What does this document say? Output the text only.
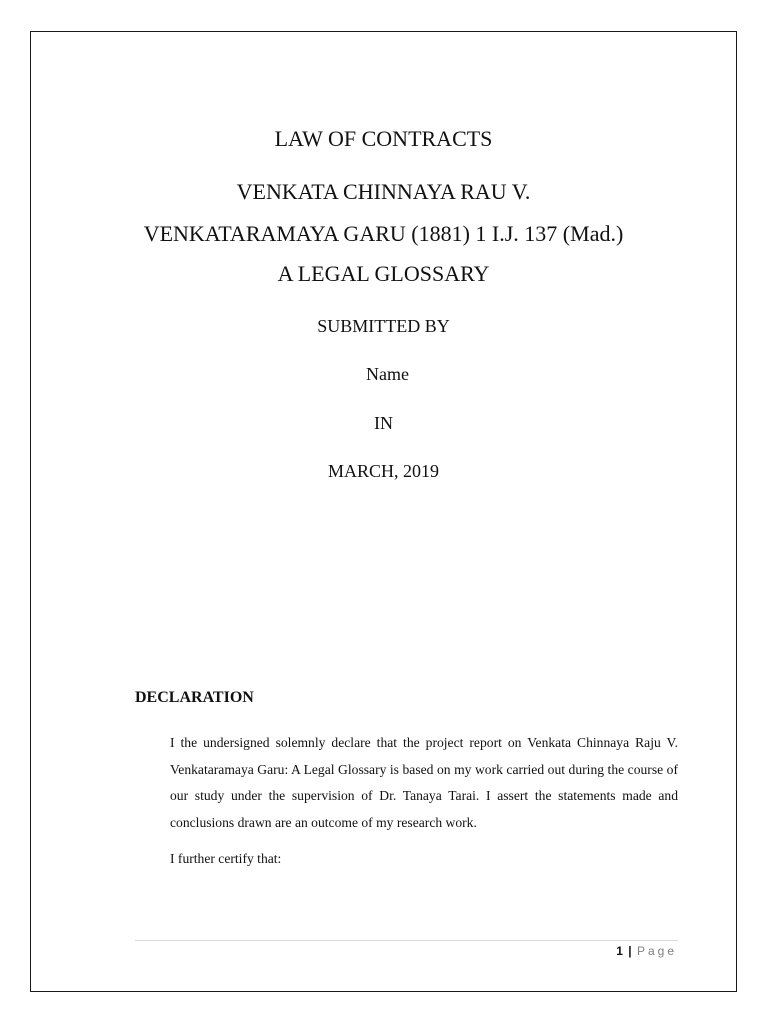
LAW OF CONTRACTS
VENKATA CHINNAYA RAU V.
VENKATARAMAYA GARU (1881) 1 I.J. 137 (Mad.)
A LEGAL GLOSSARY
SUBMITTED BY
Name
IN
MARCH, 2019
DECLARATION

I the undersigned solemnly declare that the project report on Venkata Chinnaya Raju V. Venkataramaya Garu: A Legal Glossary is based on my work carried out during the course of our study under the supervision of Dr. Tanaya Tarai. I assert the statements made and conclusions drawn are an outcome of my research work.

I further certify that:

1 | Page
